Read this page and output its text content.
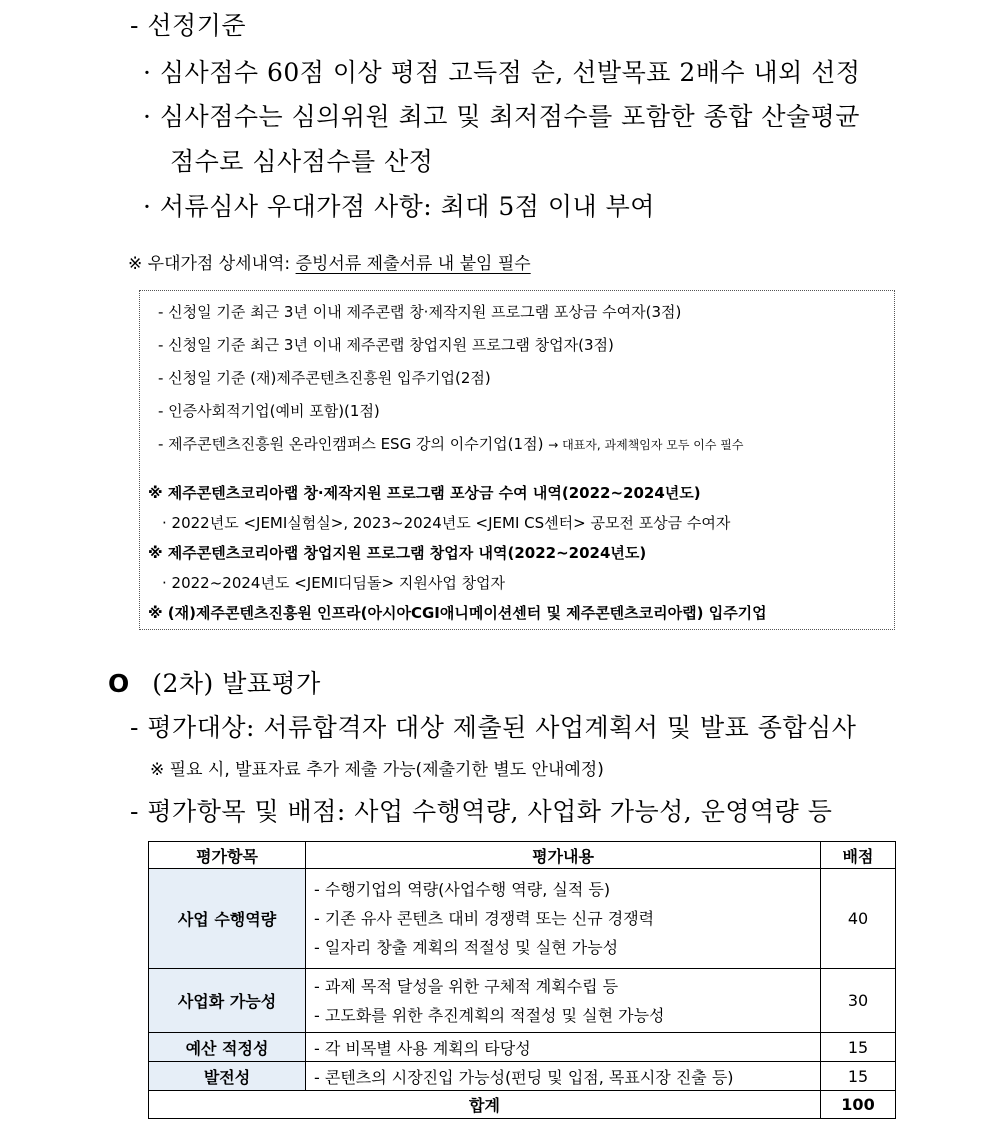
- 선정기준
· 심사점수 60점 이상 평점 고득점 순, 선발목표 2배수 내외 선정
· 심사점수는 심의위원 최고 및 최저점수를 포함한 종합 산술평균
점수로 심사점수를 산정
· 서류심사 우대가점 사항: 최대 5점 이내 부여
※ 우대가점 상세내역: 증빙서류 제출서류 내 붙임 필수
- 신청일 기준 최근 3년 이내 제주콘랩 창·제작지원 프로그램 포상금 수여자(3점)
- 신청일 기준 최근 3년 이내 제주콘랩 창업지원 프로그램 창업자(3점)
- 신청일 기준 (재)제주콘텐츠진흥원 입주기업(2점)
- 인증사회적기업(예비 포함)(1점)
- 제주콘텐츠진흥원 온라인캠퍼스 ESG 강의 이수기업(1점) → 대표자, 과제책임자 모두 이수 필수
※ 제주콘텐츠코리아랩 창·제작지원 프로그램 포상금 수여 내역(2022~2024년도)
· 2022년도 <JEMI실험실>, 2023~2024년도 <JEMI CS센터> 공모전 포상금 수여자
※ 제주콘텐츠코리아랩 창업지원 프로그램 창업자 내역(2022~2024년도)
· 2022~2024년도 <JEMI디딤돌> 지원사업 창업자
※ (재)제주콘텐츠진흥원 인프라(아시아CGI애니메이션센터 및 제주콘텐츠코리아랩) 입주기업
O (2차) 발표평가
- 평가대상: 서류합격자 대상 제출된 사업계획서 및 발표 종합심사
※ 필요 시, 발표자료 추가 제출 가능(제출기한 별도 안내예정)
- 평가항목 및 배점: 사업 수행역량, 사업화 가능성, 운영역량 등
평가항목	평가내용	배점
사업 수행역량	- 수행기업의 역량(사업수행 역량, 실적 등)
- 기존 유사 콘텐츠 대비 경쟁력 또는 신규 경쟁력
- 일자리 창출 계획의 적절성 및 실현 가능성	40
사업화 가능성	- 과제 목적 달성을 위한 구체적 계획수립 등
- 고도화를 위한 추진계획의 적절성 및 실현 가능성	30
예산 적정성	- 각 비목별 사용 계획의 타당성	15
발전성	- 콘텐츠의 시장진입 가능성(펀딩 및 입점, 목표시장 진출 등)	15
합계		100
